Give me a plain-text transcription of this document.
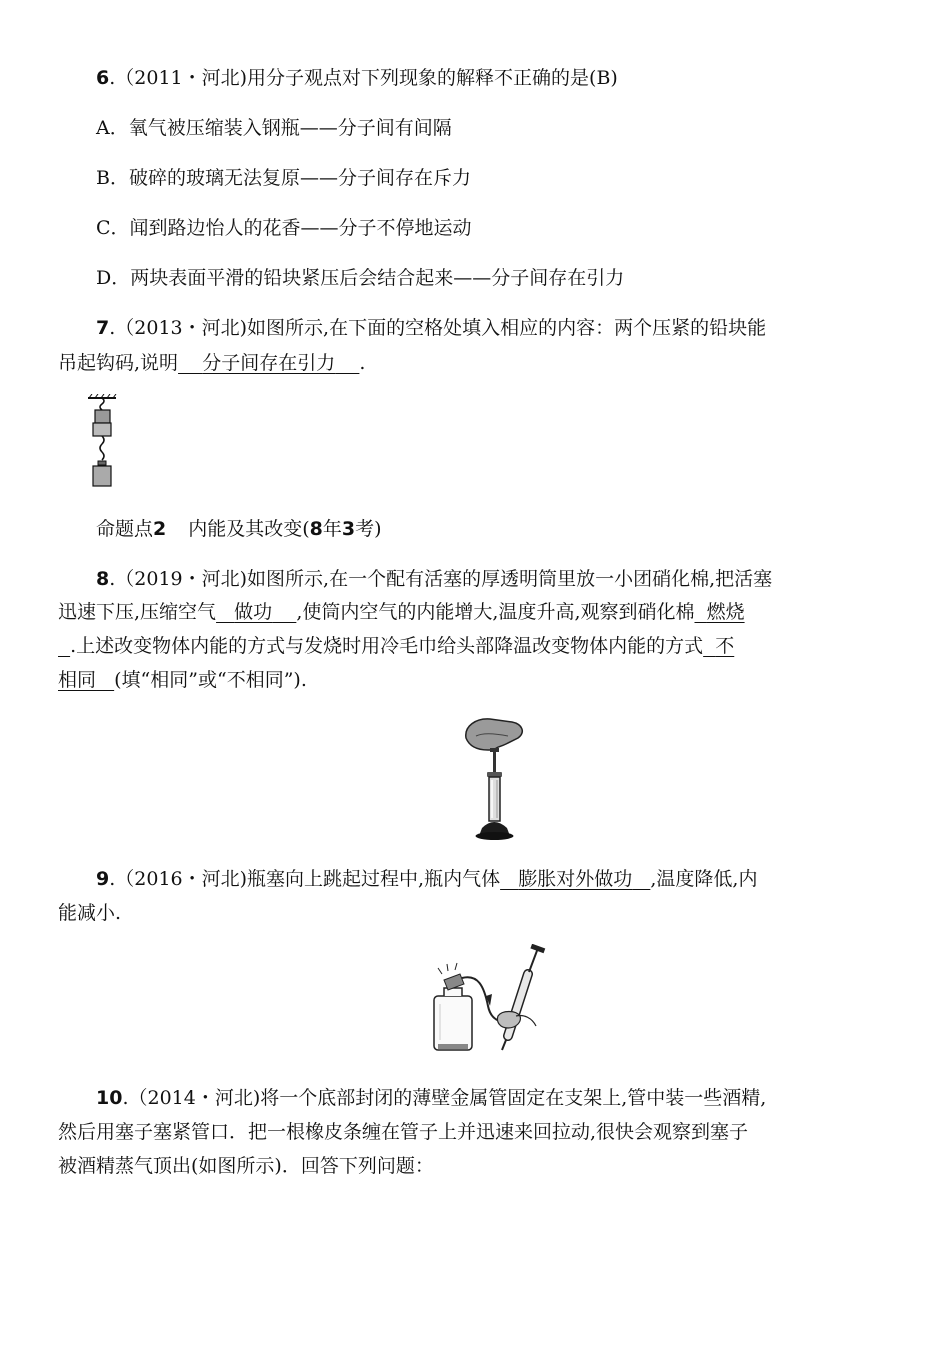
6.（2011・河北)用分子观点对下列现象的解释不正确的是(B)
A．氧气被压缩装入钢瓶——分子间有间隔
B．破碎的玻璃无法复原——分子间存在斥力
C．闻到路边怡人的花香——分子不停地运动
D．两块表面平滑的铅块紧压后会结合起来——分子间存在引力
7.（2013・河北)如图所示,在下面的空格处填入相应的内容：两个压紧的铅块能
吊起钩码,说明 分子间存在引力 .
命题点2 内能及其改变(8年3考)
8.（2019・河北)如图所示,在一个配有活塞的厚透明筒里放一小团硝化棉,把活塞
迅速下压,压缩空气 做功 ,使筒内空气的内能增大,温度升高,观察到硝化棉 燃烧
.上述改变物体内能的方式与发烧时用冷毛巾给头部降温改变物体内能的方式 不
相同 (填“相同”或“不相同”).
9.（2016・河北)瓶塞向上跳起过程中,瓶内气体 膨胀对外做功 ,温度降低,内
能减小.
10.（2014・河北)将一个底部封闭的薄壁金属管固定在支架上,管中装一些酒精,
然后用塞子塞紧管口．把一根橡皮条缠在管子上并迅速来回拉动,很快会观察到塞子
被酒精蒸气顶出(如图所示)．回答下列问题：
